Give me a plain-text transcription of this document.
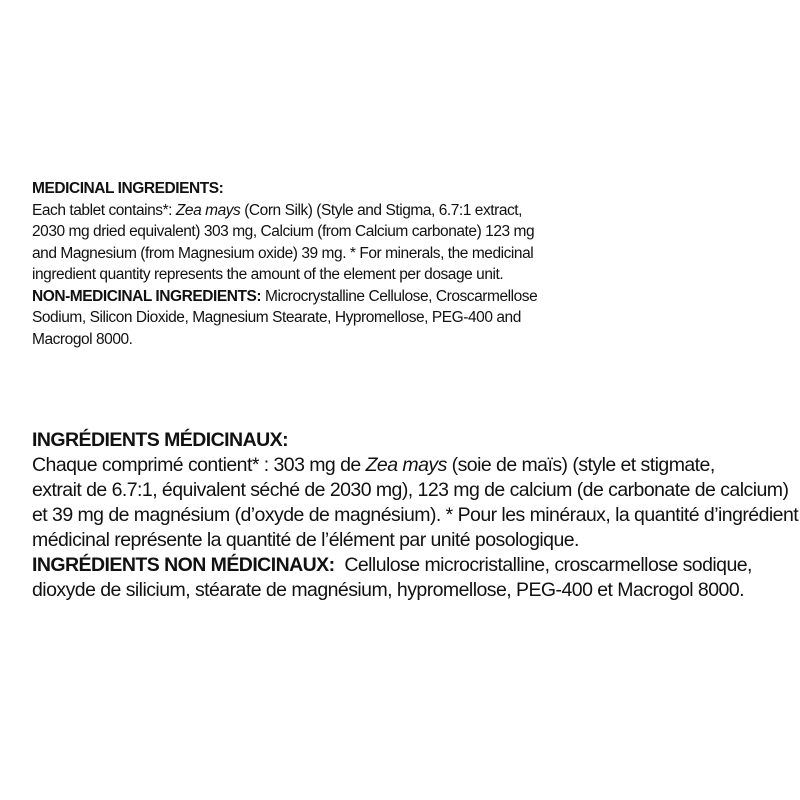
MEDICINAL INGREDIENTS:
Each tablet contains*: Zea mays (Corn Silk) (Style and Stigma, 6.7:1 extract,
2030 mg dried equivalent) 303 mg, Calcium (from Calcium carbonate) 123 mg
and Magnesium (from Magnesium oxide) 39 mg. * For minerals, the medicinal
ingredient quantity represents the amount of the element per dosage unit.
NON-MEDICINAL INGREDIENTS: Microcrystalline Cellulose, Croscarmellose
Sodium, Silicon Dioxide, Magnesium Stearate, Hypromellose, PEG-400 and
Macrogol 8000.
INGRÉDIENTS MÉDICINAUX:
Chaque comprimé contient* : 303 mg de Zea mays (soie de maïs) (style et stigmate,
extrait de 6.7:1, équivalent séché de 2030 mg), 123 mg de calcium (de carbonate de calcium)
et 39 mg de magnésium (d’oxyde de magnésium). * Pour les minéraux, la quantité d’ingrédient
médicinal représente la quantité de l’élément par unité posologique.
INGRÉDIENTS NON MÉDICINAUX:  Cellulose microcristalline, croscarmellose sodique,
dioxyde de silicium, stéarate de magnésium, hypromellose, PEG-400 et Macrogol 8000.
